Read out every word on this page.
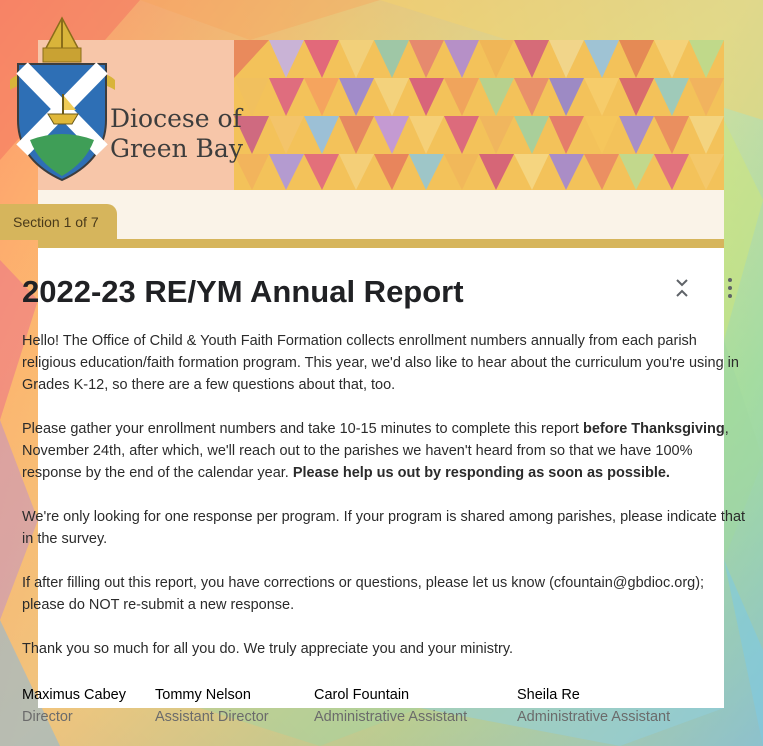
Diocese of
Green Bay
Section 1 of 7
2022-23 RE/YM Annual Report

Hello! The Office of Child & Youth Faith Formation collects enrollment numbers annually from each parish religious education/faith formation program. This year, we'd also like to hear about the curriculum you're using in Grades K-12, so there are a few questions about that, too.

Please gather your enrollment numbers and take 10-15 minutes to complete this report before Thanksgiving, November 24th, after which, we'll reach out to the parishes we haven't heard from so that we have 100% response by the end of the calendar year. Please help us out by responding as soon as possible.

We're only looking for one response per program. If your program is shared among parishes, please indicate that in the survey.

If after filling out this report, you have corrections or questions, please let us know (cfountain@gbdioc.org); please do NOT re-submit a new response.

Thank you so much for all you do. We truly appreciate you and your ministry.

Maximus Cabey
Director
Tommy Nelson
Assistant Director
Carol Fountain
Administrative Assistant
Sheila Re
Administrative Assistant
